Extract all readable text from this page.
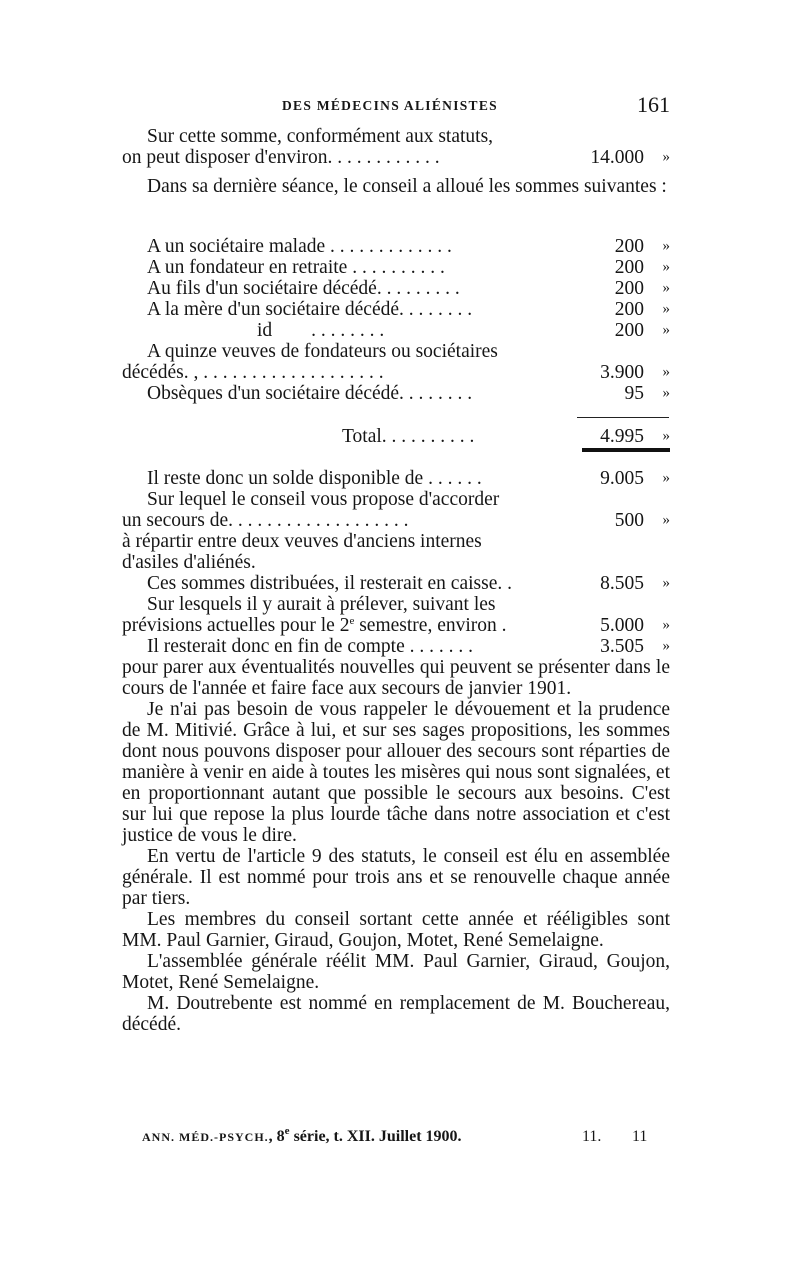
DES MÉDECINS ALIÉNISTES	161
Sur cette somme, conformément aux statuts,
on peut disposer d'environ. . . . . . . . . . . .	14.000 »

Dans sa dernière séance, le conseil a alloué les sommes suivantes :

A un sociétaire malade . . . . . . . . . . . . .	200 »
A un fondateur en retraite . . . . . . . . . .	200 »
Au fils d'un sociétaire décédé. . . . . . . . .	200 »
A la mère d'un sociétaire décédé. . . . . . . .	200 »
id        . . . . . . . .	200 »
A quinze veuves de fondateurs ou sociétaires
décédés. , . . . . . . . . . . . . . . . . . . .	3.900 »
Obsèques d'un sociétaire décédé. . . . . . . .	95 »
Total. . . . . . . . . .	4.995 »
Il reste donc un solde disponible de . . . . . .	9.005 »
Sur lequel le conseil vous propose d'accorder
un secours de. . . . . . . . . . . . . . . . . . .	500 »
à répartir entre deux veuves d'anciens internes
d'asiles d'aliénés.
Ces sommes distribuées, il resterait en caisse. .	8.505 »
Sur lesquels il y aurait à prélever, suivant les
prévisions actuelles pour le 2e semestre, environ .	5.000 »
Il resterait donc en fin de compte . . . . . . .	3.505 »

pour parer aux éventualités nouvelles qui peuvent se présenter dans le cours de l'année et faire face aux secours de janvier 1901.

Je n'ai pas besoin de vous rappeler le dévouement et la prudence de M. Mitivié. Grâce à lui, et sur ses sages propositions, les sommes dont nous pouvons disposer pour allouer des secours sont réparties de manière à venir en aide à toutes les misères qui nous sont signalées, et en proportionnant autant que possible le secours aux besoins. C'est sur lui que repose la plus lourde tâche dans notre association et c'est justice de vous le dire.

En vertu de l'article 9 des statuts, le conseil est élu en assemblée générale. Il est nommé pour trois ans et se renouvelle chaque année par tiers.

Les membres du conseil sortant cette année et rééligibles sont MM. Paul Garnier, Giraud, Goujon, Motet, René Semelaigne.

L'assemblée générale réélit MM. Paul Garnier, Giraud, Goujon, Motet, René Semelaigne.

M. Doutrebente est nommé en remplacement de M. Bouchereau, décédé.

ANN. MÉD.-PSYCH., 8e série, t. XII. Juillet 1900.	11. 11
